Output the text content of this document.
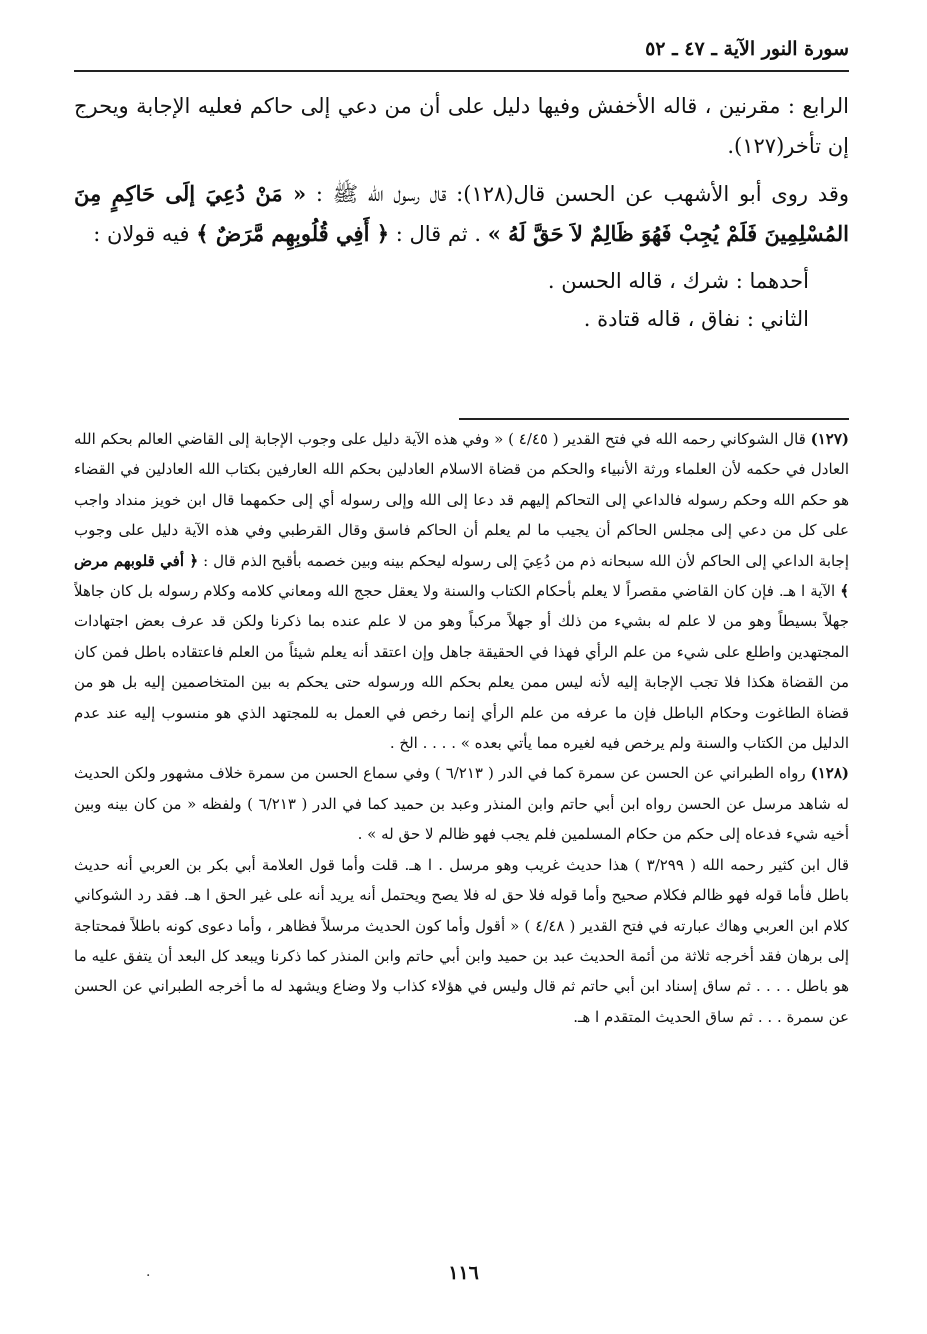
سورة النور الآية ـ ٤٧ ـ ٥٢

الرابع : مقرنين ، قاله الأخفش وفيها دليل على أن من دعي إلى حاكم فعليه الإجابة ويحرج إن تأخر(١٢٧).

وقد روى أبو الأشهب عن الحسن قال(١٢٨): قال رسول الله ﷺ : « مَنْ دُعِيَ إلَى حَاكِمٍ مِنَ المُسْلِمِينَ فَلَمْ يُجِبْ فَهُوَ ظَالِمٌ لاَ حَقَّ لَهُ » . ثم قال : ﴿ أَفِي قُلُوبِهِم مَّرَضٌ ﴾ فيه قولان :

أحدهما : شرك ، قاله الحسن .

الثاني : نفاق ، قاله قتادة .

(١٢٧) قال الشوكاني رحمه الله في فتح القدير ( ٤/٤٥ ) « وفي هذه الآية دليل على وجوب الإجابة إلى القاضي العالم بحكم الله العادل في حكمه لأن العلماء ورثة الأنبياء والحكم من قضاة الاسلام العادلين بحكم الله العارفين بكتاب الله العادلين في القضاء هو حكم الله وحكم رسوله فالداعي إلى التحاكم إليهم قد دعا إلى الله وإلى رسوله أي إلى حكمهما قال ابن خويز منداد واجب على كل من دعي إلى مجلس الحاكم أن يجيب ما لم يعلم أن الحاكم فاسق وقال القرطبي وفي هذه الآية دليل على وجوب إجابة الداعي إلى الحاكم لأن الله سبحانه ذم من دُعِيَ إلى رسوله ليحكم بينه وبين خصمه بأقبح الذم قال : ﴿ أفي قلوبهم مرض ﴾ الآية ا هـ. فإن كان القاضي مقصراً لا يعلم بأحكام الكتاب والسنة ولا يعقل حجج الله ومعاني كلامه وكلام رسوله بل كان جاهلاً جهلاً بسيطاً وهو من لا علم له بشيء من ذلك أو جهلاً مركباً وهو من لا علم عنده بما ذكرنا ولكن قد عرف بعض اجتهادات المجتهدين واطلع على شيء من علم الرأي فهذا في الحقيقة جاهل وإن اعتقد أنه يعلم شيئاً من العلم فاعتقاده باطل فمن كان من القضاة هكذا فلا تجب الإجابة إليه لأنه ليس ممن يعلم بحكم الله ورسوله حتى يحكم به بين المتخاصمين إليه بل هو من قضاة الطاغوت وحكام الباطل فإن ما عرفه من علم الرأي إنما رخص في العمل به للمجتهد الذي هو منسوب إليه عند عدم الدليل من الكتاب والسنة ولم يرخص فيه لغيره مما يأتي بعده » . . . . الخ .

(١٢٨) رواه الطبراني عن الحسن عن سمرة كما في الدر ( ٦/٢١٣ ) وفي سماع الحسن من سمرة خلاف مشهور ولكن الحديث له شاهد مرسل عن الحسن رواه ابن أبي حاتم وابن المنذر وعبد بن حميد كما في الدر ( ٦/٢١٣ ) ولفظه « من كان بينه وبين أخيه شيء فدعاه إلى حكم من حكام المسلمين فلم يجب فهو ظالم لا حق له » .

قال ابن كثير رحمه الله ( ٣/٢٩٩ ) هذا حديث غريب وهو مرسل . ا هـ. قلت وأما قول العلامة أبي بكر بن العربي أنه حديث باطل فأما قوله فهو ظالم فكلام صحيح وأما قوله فلا حق له فلا يصح ويحتمل أنه يريد أنه على غير الحق ا هـ. فقد رد الشوكاني كلام ابن العربي وهاك عبارته في فتح القدير ( ٤/٤٨ ) « أقول وأما كون الحديث مرسلاً فظاهر ، وأما دعوى كونه باطلاً فمحتاجة إلى برهان فقد أخرجه ثلاثة من أئمة الحديث عبد بن حميد وابن أبي حاتم وابن المنذر كما ذكرنا ويبعد كل البعد أن يتفق عليه ما هو باطل . . . . ثم ساق إسناد ابن أبي حاتم ثم قال وليس في هؤلاء كذاب ولا وضاع ويشهد له ما أخرجه الطبراني عن الحسن عن سمرة . . . ثم ساق الحديث المتقدم ا هـ.

١١٦
·
